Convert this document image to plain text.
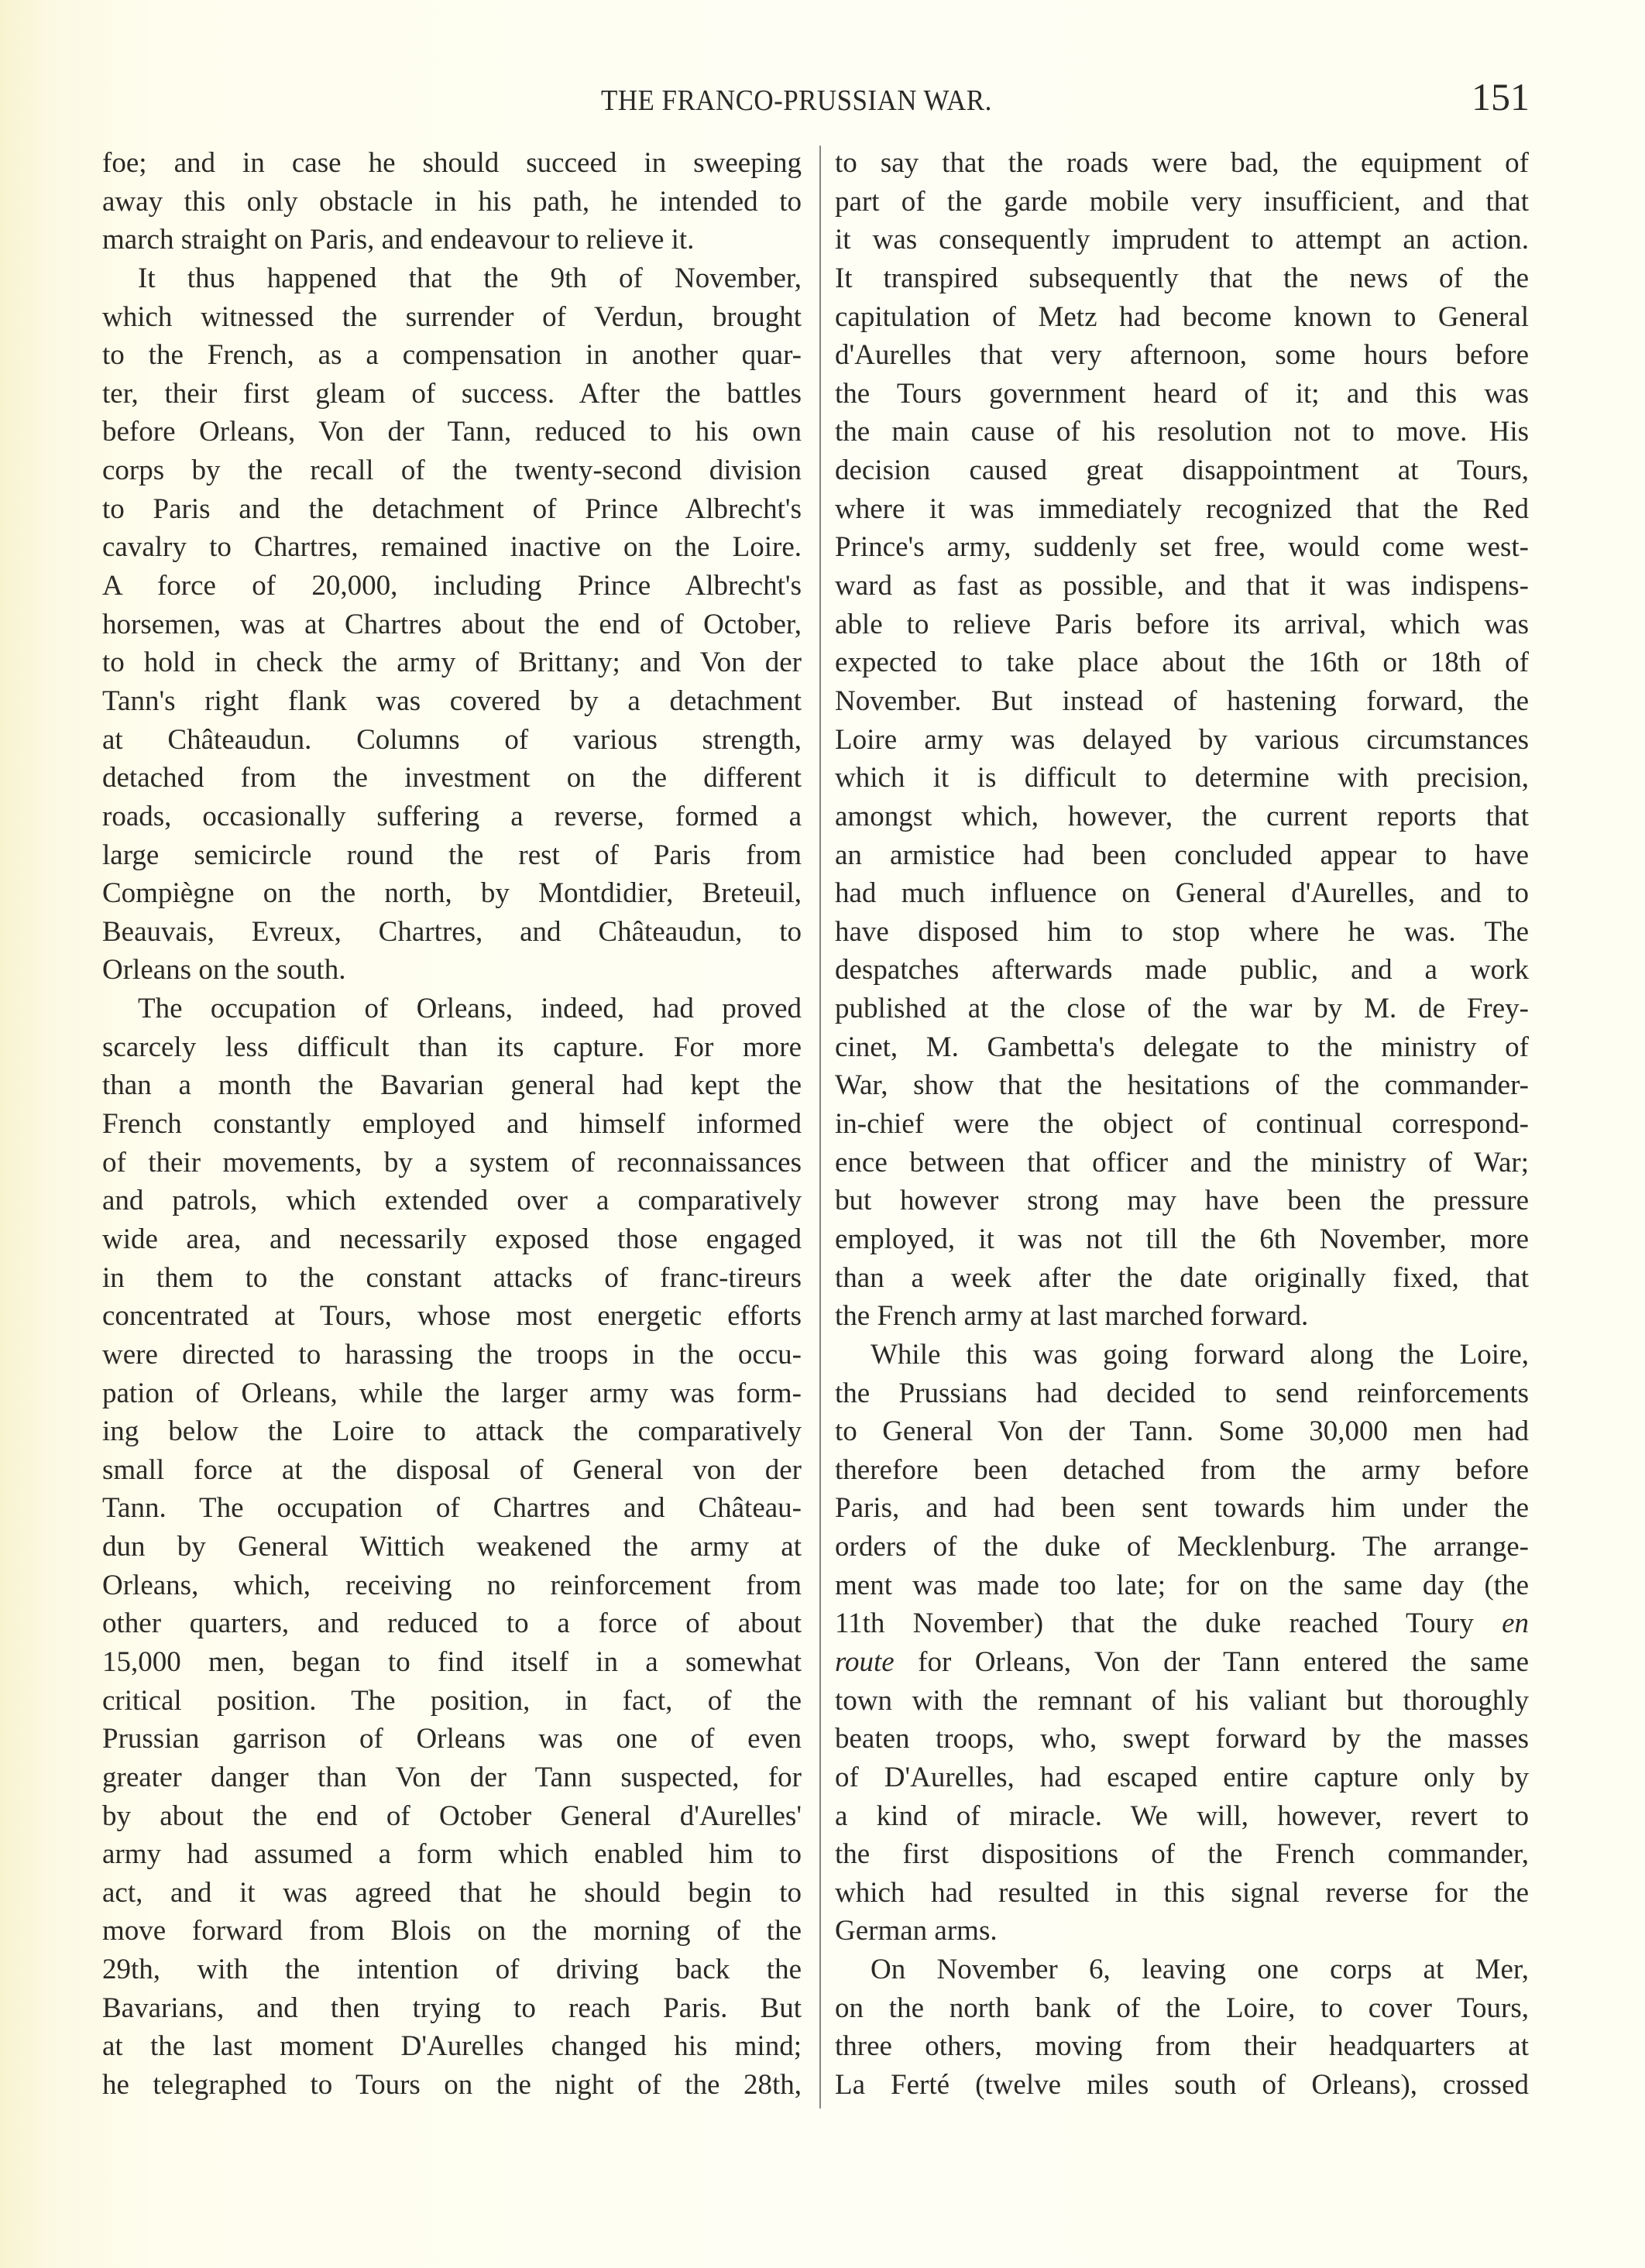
THE FRANCO-PRUSSIAN WAR.	151
foe; and in case he should succeed in sweeping
away this only obstacle in his path, he intended to
march straight on Paris, and endeavour to relieve it.
It thus happened that the 9th of November,
which witnessed the surrender of Verdun, brought
to the French, as a compensation in another quar-
ter, their first gleam of success. After the battles
before Orleans, Von der Tann, reduced to his own
corps by the recall of the twenty-second division
to Paris and the detachment of Prince Albrecht's
cavalry to Chartres, remained inactive on the Loire.
A force of 20,000, including Prince Albrecht's
horsemen, was at Chartres about the end of October,
to hold in check the army of Brittany; and Von der
Tann's right flank was covered by a detachment
at Châteaudun. Columns of various strength,
detached from the investment on the different
roads, occasionally suffering a reverse, formed a
large semicircle round the rest of Paris from
Compiègne on the north, by Montdidier, Breteuil,
Beauvais, Evreux, Chartres, and Châteaudun, to
Orleans on the south.
The occupation of Orleans, indeed, had proved
scarcely less difficult than its capture. For more
than a month the Bavarian general had kept the
French constantly employed and himself informed
of their movements, by a system of reconnaissances
and patrols, which extended over a comparatively
wide area, and necessarily exposed those engaged
in them to the constant attacks of franc-tireurs
concentrated at Tours, whose most energetic efforts
were directed to harassing the troops in the occu-
pation of Orleans, while the larger army was form-
ing below the Loire to attack the comparatively
small force at the disposal of General von der
Tann. The occupation of Chartres and Château-
dun by General Wittich weakened the army at
Orleans, which, receiving no reinforcement from
other quarters, and reduced to a force of about
15,000 men, began to find itself in a somewhat
critical position. The position, in fact, of the
Prussian garrison of Orleans was one of even
greater danger than Von der Tann suspected, for
by about the end of October General d'Aurelles'
army had assumed a form which enabled him to
act, and it was agreed that he should begin to
move forward from Blois on the morning of the
29th, with the intention of driving back the
Bavarians, and then trying to reach Paris. But
at the last moment D'Aurelles changed his mind;
he telegraphed to Tours on the night of the 28th,
to say that the roads were bad, the equipment of
part of the garde mobile very insufficient, and that
it was consequently imprudent to attempt an action.
It transpired subsequently that the news of the
capitulation of Metz had become known to General
d'Aurelles that very afternoon, some hours before
the Tours government heard of it; and this was
the main cause of his resolution not to move. His
decision caused great disappointment at Tours,
where it was immediately recognized that the Red
Prince's army, suddenly set free, would come west-
ward as fast as possible, and that it was indispens-
able to relieve Paris before its arrival, which was
expected to take place about the 16th or 18th of
November. But instead of hastening forward, the
Loire army was delayed by various circumstances
which it is difficult to determine with precision,
amongst which, however, the current reports that
an armistice had been concluded appear to have
had much influence on General d'Aurelles, and to
have disposed him to stop where he was. The
despatches afterwards made public, and a work
published at the close of the war by M. de Frey-
cinet, M. Gambetta's delegate to the ministry of
War, show that the hesitations of the commander-
in-chief were the object of continual correspond-
ence between that officer and the ministry of War;
but however strong may have been the pressure
employed, it was not till the 6th November, more
than a week after the date originally fixed, that
the French army at last marched forward.
While this was going forward along the Loire,
the Prussians had decided to send reinforcements
to General Von der Tann. Some 30,000 men had
therefore been detached from the army before
Paris, and had been sent towards him under the
orders of the duke of Mecklenburg. The arrange-
ment was made too late; for on the same day (the
11th November) that the duke reached Toury en
route for Orleans, Von der Tann entered the same
town with the remnant of his valiant but thoroughly
beaten troops, who, swept forward by the masses
of D'Aurelles, had escaped entire capture only by
a kind of miracle. We will, however, revert to
the first dispositions of the French commander,
which had resulted in this signal reverse for the
German arms.
On November 6, leaving one corps at Mer,
on the north bank of the Loire, to cover Tours,
three others, moving from their headquarters at
La Ferté (twelve miles south of Orleans), crossed
